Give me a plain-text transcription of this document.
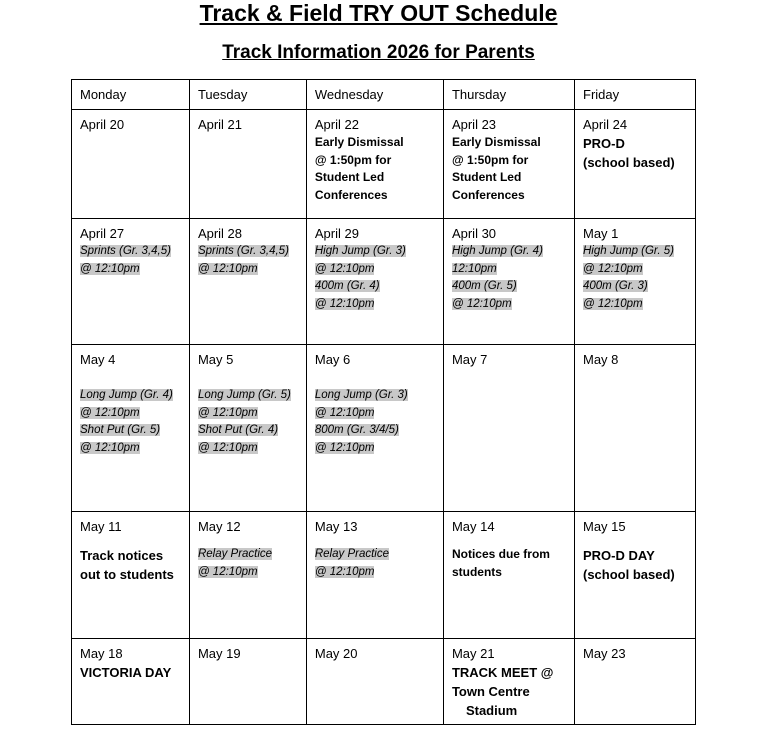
Track & Field TRY OUT Schedule
Track Information 2026 for Parents
Monday	Tuesday	Wednesday	Thursday	Friday

April 20	April 21	April 22
Early Dismissal
@ 1:50pm for
Student Led
Conferences	April 23
Early Dismissal
@ 1:50pm for
Student Led
Conferences	April 24
PRO-D
(school based)

April 27
Sprints (Gr. 3,4,5)
@ 12:10pm	April 28
Sprints (Gr. 3,4,5)
@ 12:10pm	April 29
High Jump (Gr. 3)
@ 12:10pm
400m (Gr. 4)
@ 12:10pm	April 30
High Jump (Gr. 4)
12:10pm
400m (Gr. 5)
@ 12:10pm	May 1
High Jump (Gr. 5)
@ 12:10pm
400m (Gr. 3)
@ 12:10pm

May 4
Long Jump (Gr. 4)
@ 12:10pm
Shot Put (Gr. 5)
@ 12:10pm	May 5
Long Jump (Gr. 5)
@ 12:10pm
Shot Put (Gr. 4)
@ 12:10pm	May 6
Long Jump (Gr. 3)
@ 12:10pm
800m (Gr. 3/4/5)
@ 12:10pm	May 7	May 8

May 11
Track notices
out to students	May 12
Relay Practice
@ 12:10pm	May 13
Relay Practice
@ 12:10pm	May 14
Notices due from
students	May 15
PRO-D DAY
(school based)

May 18
VICTORIA DAY	May 19	May 20	May 21
TRACK MEET @
Town Centre
Stadium	May 23
